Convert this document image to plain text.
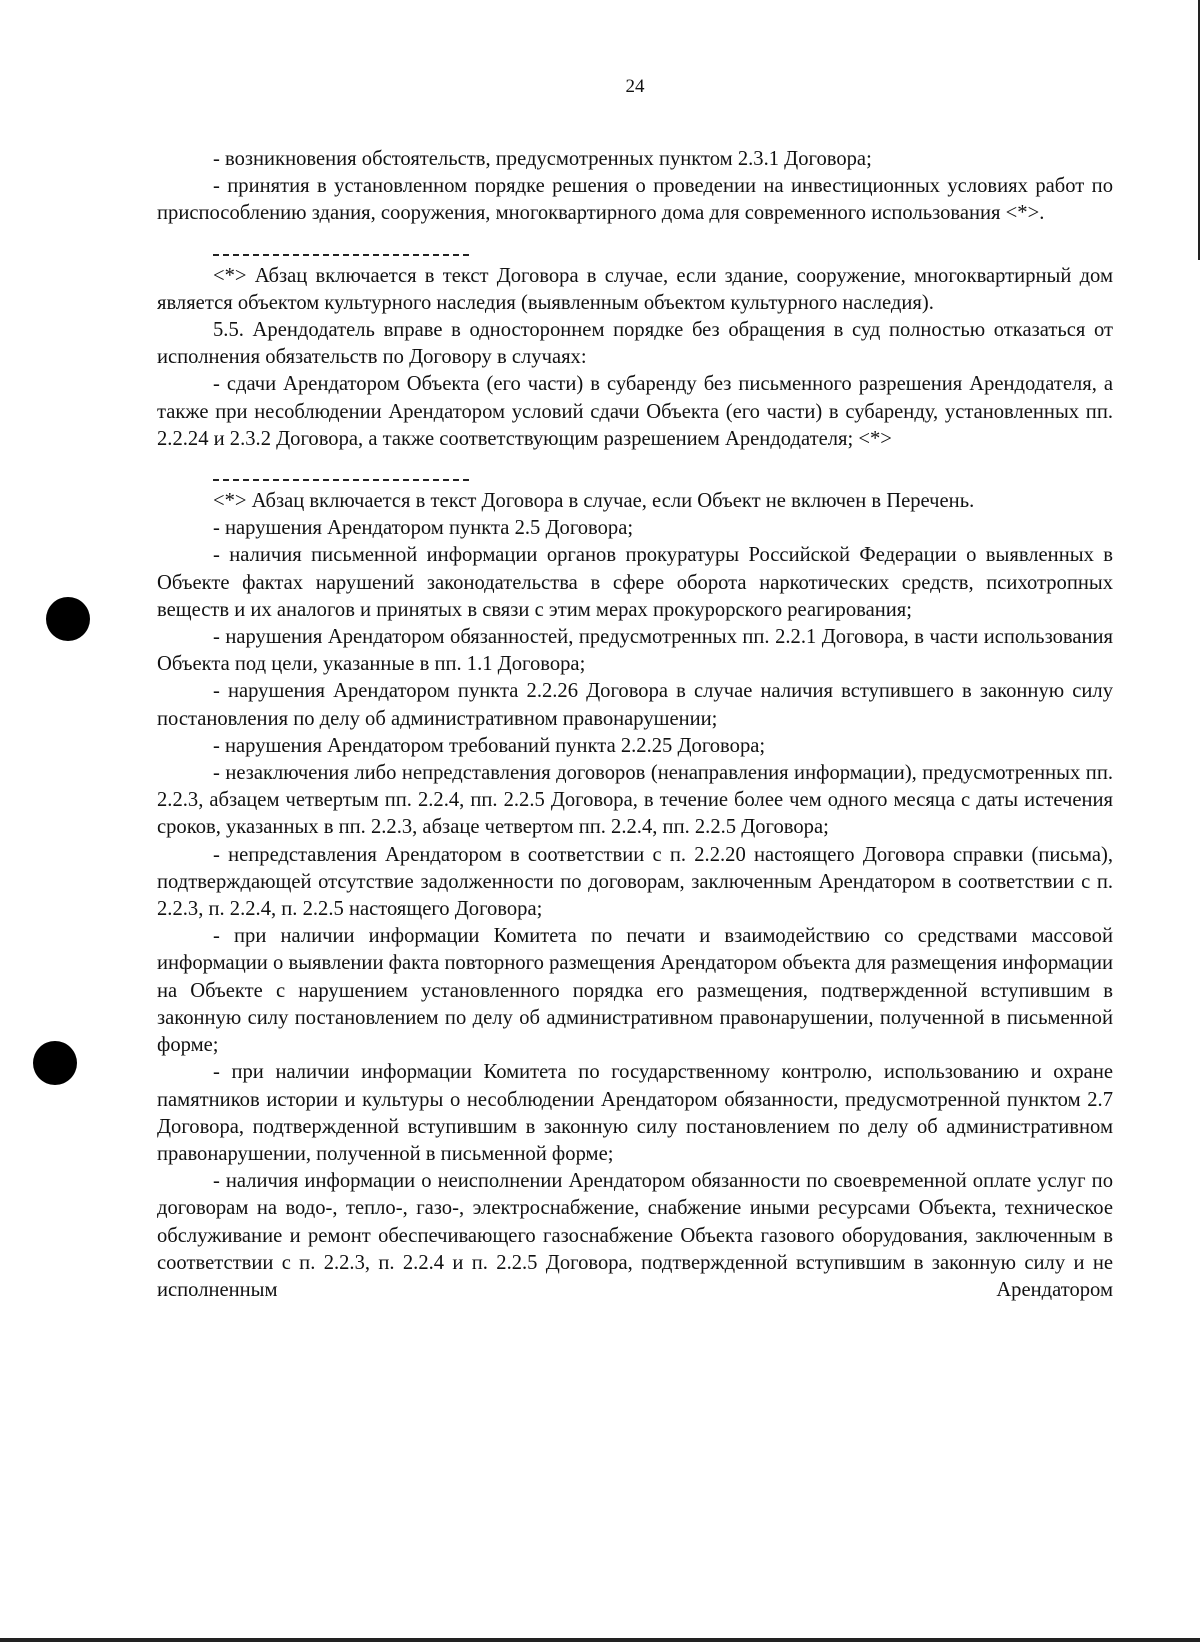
24

- возникновения обстоятельств, предусмотренных пунктом 2.3.1 Договора;

- принятия в установленном порядке решения о проведении на инвестиционных условиях работ по приспособлению здания, сооружения, многоквартирного дома для современного использования <*>.

<*> Абзац включается в текст Договора в случае, если здание, сооружение, многоквартирный дом является объектом культурного наследия (выявленным объектом культурного наследия).

5.5. Арендодатель вправе в одностороннем порядке без обращения в суд полностью отказаться от исполнения обязательств по Договору в случаях:

- сдачи Арендатором Объекта (его части) в субаренду без письменного разрешения Арендодателя, а также при несоблюдении Арендатором условий сдачи Объекта (его части) в субаренду, установленных пп. 2.2.24 и 2.3.2 Договора, а также соответствующим разрешением Арендодателя; <*>

<*> Абзац включается в текст Договора в случае, если Объект не включен в Перечень.

- нарушения Арендатором пункта 2.5 Договора;

- наличия письменной информации органов прокуратуры Российской Федерации о выявленных в Объекте фактах нарушений законодательства в сфере оборота наркотических средств, психотропных веществ и их аналогов и принятых в связи с этим мерах прокурорского реагирования;

- нарушения Арендатором обязанностей, предусмотренных пп. 2.2.1 Договора, в части использования Объекта под цели, указанные в пп. 1.1 Договора;

- нарушения Арендатором пункта 2.2.26 Договора в случае наличия вступившего в законную силу постановления по делу об административном правонарушении;

- нарушения Арендатором требований пункта 2.2.25 Договора;

- незаключения либо непредставления договоров (ненаправления информации), предусмотренных пп. 2.2.3, абзацем четвертым пп. 2.2.4, пп. 2.2.5 Договора, в течение более чем одного месяца с даты истечения сроков, указанных в пп. 2.2.3, абзаце четвертом пп. 2.2.4, пп. 2.2.5 Договора;

- непредставления Арендатором в соответствии с п. 2.2.20 настоящего Договора справки (письма), подтверждающей отсутствие задолженности по договорам, заключенным Арендатором в соответствии с п. 2.2.3, п. 2.2.4, п. 2.2.5 настоящего Договора;

- при наличии информации Комитета по печати и взаимодействию со средствами массовой информации о выявлении факта повторного размещения Арендатором объекта для размещения информации на Объекте с нарушением установленного порядка его размещения, подтвержденной вступившим в законную силу постановлением по делу об административном правонарушении, полученной в письменной форме;

- при наличии информации Комитета по государственному контролю, использованию и охране памятников истории и культуры о несоблюдении Арендатором обязанности, предусмотренной пунктом 2.7 Договора, подтвержденной вступившим в законную силу постановлением по делу об административном правонарушении, полученной в письменной форме;

- наличия информации о неисполнении Арендатором обязанности по своевременной оплате услуг по договорам на водо-, тепло-, газо-, электроснабжение, снабжение иными ресурсами Объекта, техническое обслуживание и ремонт обеспечивающего газоснабжение Объекта газового оборудования, заключенным в соответствии с п. 2.2.3, п. 2.2.4 и п. 2.2.5 Договора, подтвержденной вступившим в законную силу и не исполненным Арендатором
